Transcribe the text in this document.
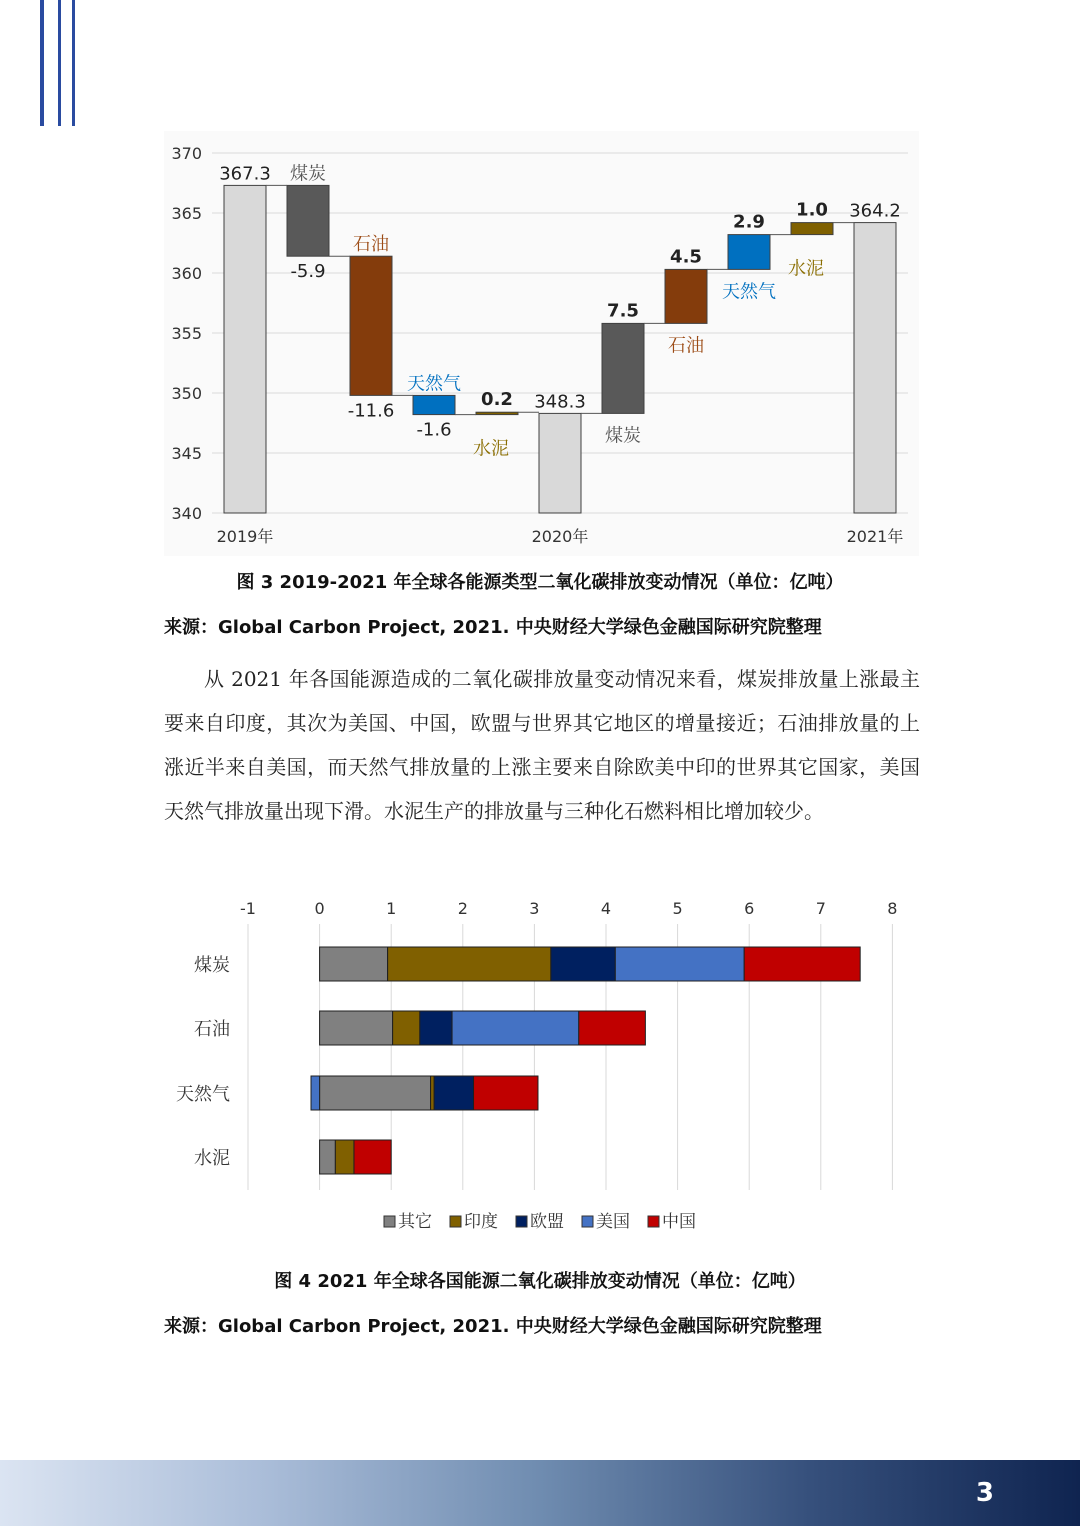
340
345
350
355
360
365
370
367.3
-5.9
煤炭
-11.6
石油
-1.6
天然气
0.2
水泥
348.3
7.5
煤炭
4.5
石油
2.9
天然气
1.0
水泥
364.2
2019年	2020年	2021年
图 3 2019-2021 年全球各能源类型二氧化碳排放变动情况（单位：亿吨）
来源：Global Carbon Project, 2021. 中央财经大学绿色金融国际研究院整理

从 2021 年各国能源造成的二氧化碳排放量变动情况来看，煤炭排放量上涨最主要来自印度，其次为美国、中国，欧盟与世界其它地区的增量接近；石油排放量的上涨近半来自美国，而天然气排放量的上涨主要来自除欧美中印的世界其它国家，美国天然气排放量出现下滑。水泥生产的排放量与三种化石燃料相比增加较少。

-1	0	1	2	3	4	5	6	7	8
煤炭
石油
天然气
水泥
其它 印度 欧盟 美国 中国
图 4 2021 年全球各国能源二氧化碳排放变动情况（单位：亿吨）
来源：Global Carbon Project, 2021. 中央财经大学绿色金融国际研究院整理
3
